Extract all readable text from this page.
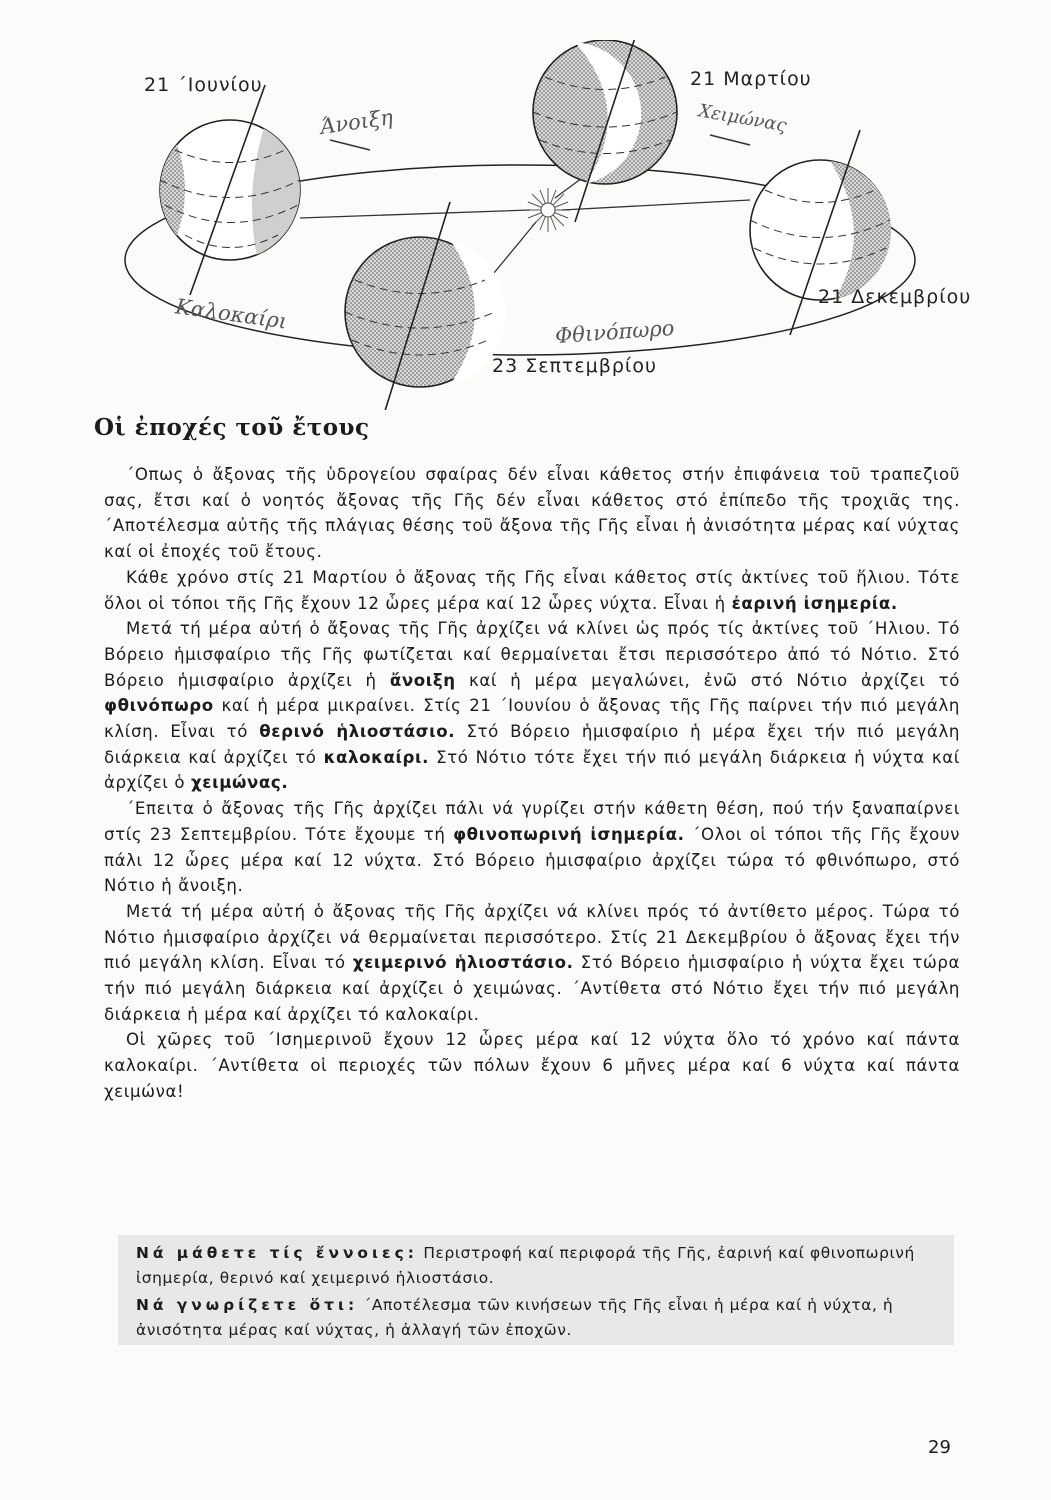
21 ΄Ιουνίου	21 Μαρτίου
21 Δεκεμβρίου
23 Σεπτεμβρίου
Άνοιξη	Χειμώνας
Καλοκαίρι	Φθινόπωρο
Οἱ ἐποχές τοῦ ἔτους

΄Οπως ὁ ἄξονας τῆς ὑδρογείου σφαίρας δέν εἶναι κάθετος στήν ἐπιφάνεια τοῦ τραπεζιοῦ σας, ἔτσι καί ὁ νοητός ἄξονας τῆς Γῆς δέν εἶναι κάθετος στό ἐπίπεδο τῆς τροχιᾶς της. ΄Αποτέλεσμα αὐτῆς τῆς πλάγιας θέσης τοῦ ἄξονα τῆς Γῆς εἶναι ἡ ἀνισότητα μέρας καί νύχτας καί οἱ ἐποχές τοῦ ἔτους.

Κάθε χρόνο στίς 21 Μαρτίου ὁ ἄξονας τῆς Γῆς εἶναι κάθετος στίς ἀκτίνες τοῦ ἥλιου. Τότε ὅλοι οἱ τόποι τῆς Γῆς ἔχουν 12 ὧρες μέρα καί 12 ὧρες νύχτα. Εἶναι ἡ ἐαρινή ἰσημερία.

Μετά τή μέρα αὐτή ὁ ἄξονας τῆς Γῆς ἀρχίζει νά κλίνει ὡς πρός τίς ἀκτίνες τοῦ ΄Ηλιου. Τό Βόρειο ἡμισφαίριο τῆς Γῆς φωτίζεται καί θερμαίνεται ἔτσι περισσότερο ἀπό τό Νότιο. Στό Βόρειο ἡμισφαίριο ἀρχίζει ἡ ἄνοιξη καί ἡ μέρα μεγαλώνει, ἐνῶ στό Νότιο ἀρχίζει τό φθινόπωρο καί ἡ μέρα μικραίνει. Στίς 21 ΄Ιουνίου ὁ ἄξονας τῆς Γῆς παίρνει τήν πιό μεγάλη κλίση. Εἶναι τό θερινό ἡλιοστάσιο. Στό Βόρειο ἡμισφαίριο ἡ μέρα ἔχει τήν πιό μεγάλη διάρκεια καί ἀρχίζει τό καλοκαίρι. Στό Νότιο τότε ἔχει τήν πιό μεγάλη διάρκεια ἡ νύχτα καί ἀρχίζει ὁ χειμώνας.

΄Επειτα ὁ ἄξονας τῆς Γῆς ἀρχίζει πάλι νά γυρίζει στήν κάθετη θέση, πού τήν ξαναπαίρνει στίς 23 Σεπτεμβρίου. Τότε ἔχουμε τή φθινοπωρινή ἰσημερία. ΄Ολοι οἱ τόποι τῆς Γῆς ἔχουν πάλι 12 ὧρες μέρα καί 12 νύχτα. Στό Βόρειο ἡμισφαίριο ἀρχίζει τώρα τό φθινόπωρο, στό Νότιο ἡ ἄνοιξη.

Μετά τή μέρα αὐτή ὁ ἄξονας τῆς Γῆς ἀρχίζει νά κλίνει πρός τό ἀντίθετο μέρος. Τώρα τό Νότιο ἡμισφαίριο ἀρχίζει νά θερμαίνεται περισσότερο. Στίς 21 Δεκεμβρίου ὁ ἄξονας ἔχει τήν πιό μεγάλη κλίση. Εἶναι τό χειμερινό ἡλιοστάσιο. Στό Βόρειο ἡμισφαίριο ἡ νύχτα ἔχει τώρα τήν πιό μεγάλη διάρκεια καί ἀρχίζει ὁ χειμώνας. ΄Αντίθετα στό Νότιο ἔχει τήν πιό μεγάλη διάρκεια ἡ μέρα καί ἀρχίζει τό καλοκαίρι.

Οἱ χῶρες τοῦ ΄Ισημερινοῦ ἔχουν 12 ὧρες μέρα καί 12 νύχτα ὅλο τό χρόνο καί πάντα καλοκαίρι. ΄Αντίθετα οἱ περιοχές τῶν πόλων ἔχουν 6 μῆνες μέρα καί 6 νύχτα καί πάντα χειμώνα!

Νά μάθετε τίς ἔννοιες: Περιστροφή καί περιφορά τῆς Γῆς, ἐαρινή καί φθινοπωρινή ἰσημερία, θερινό καί χειμερινό ἡλιοστάσιο.

Νά γνωρίζετε ὅτι: ΄Αποτέλεσμα τῶν κινήσεων τῆς Γῆς εἶναι ἡ μέρα καί ἡ νύχτα, ἡ ἀνισότητα μέρας καί νύχτας, ἡ ἀλλαγή τῶν ἐποχῶν.

29
